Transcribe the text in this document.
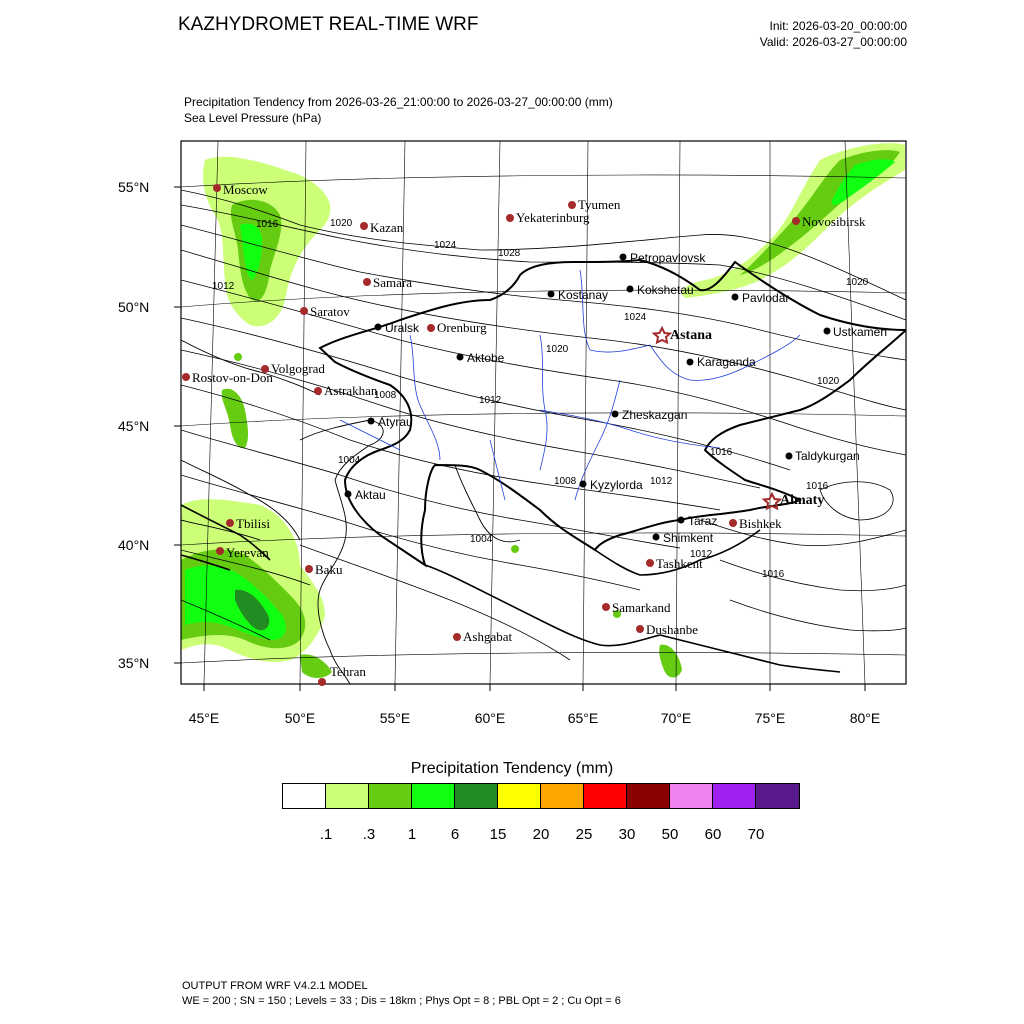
KAZHYDROMET REAL-TIME WRF	Init: 2026-03-20_00:00:00
Valid: 2026-03-27_00:00:00
Precipitation Tendency from 2026-03-26_21:00:00 to 2026-03-27_00:00:00 (mm)
Sea Level Pressure (hPa)
55°N
50°N
45°N
40°N
35°N
45°E	50°E	55°E	60°E	65°E	70°E	75°E	80°E
1016	1020
1024
1028
1012
1024
1020
1020
1020
1008	1012
1004
1008	1012
1016
1016
1004
1012
1016
Moscow
Kazan
Yekaterinburg
Tyumen
Novosibirsk
Samara
Saratov
Orenburg
Volgograd
Rostov-on-Don
Astrakhan
Tbilisi
Yerevan
Baku
Tehran
Ashgabat
Samarkand
Dushanbe
Tashkent
Bishkek
Petropavlovsk
Kostanay Kokshetau
Pavlodar
Uralsk
Aktobe	Karaganda
Ustkamen
Atyrau	Zheskazgan
Taldykurgan
Kyzylorda
Aktau
Taraz
Shimkent
Astana
Almaty
Precipitation Tendency (mm)
.1 .3 1 6 15 20 25 30 50 60 70
OUTPUT FROM WRF V4.2.1 MODEL
WE = 200 ; SN = 150 ; Levels = 33 ; Dis = 18km ; Phys Opt = 8 ; PBL Opt = 2 ; Cu Opt = 6
